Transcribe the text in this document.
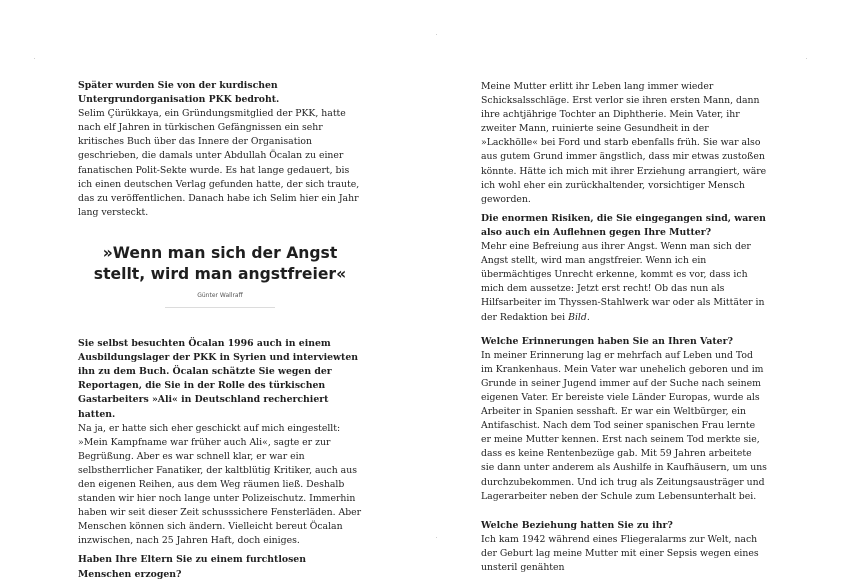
Später wurden Sie von der kurdischen Untergrundorganisation PKK bedroht.

Selim Çürükkaya, ein Gründungsmitglied der PKK, hatte nach elf Jahren in türkischen Gefängnissen ein sehr kritisches Buch über das Innere der Organisation geschrieben, die damals unter Abdullah Öcalan zu einer fanatischen Polit-Sekte wurde. Es hat lange gedauert, bis ich einen deutschen Verlag gefunden hatte, der sich traute, das zu veröffentlichen. Danach habe ich Selim hier ein Jahr lang versteckt.

»Wenn man sich der Angst stellt, wird man angstfreier«

Günter Wallraff

Sie selbst besuchten Öcalan 1996 auch in einem Ausbildungslager der PKK in Syrien und interviewten ihn zu dem Buch. Öcalan schätzte Sie wegen der Reportagen, die Sie in der Rolle des türkischen Gastarbeiters »Ali« in Deutschland recherchiert hatten.

Na ja, er hatte sich eher geschickt auf mich eingestellt: »Mein Kampfname war früher auch Ali«, sagte er zur Begrüßung. Aber es war schnell klar, er war ein selbstherrlicher Fanatiker, der kaltblütig Kritiker, auch aus den eigenen Reihen, aus dem Weg räumen ließ. Deshalb standen wir hier noch lange unter Polizeischutz. Immerhin haben wir seit dieser Zeit schusssichere Fensterläden. Aber Menschen können sich ändern. Vielleicht bereut Öcalan inzwischen, nach 25 Jahren Haft, doch einiges.

Haben Ihre Eltern Sie zu einem furchtlosen Menschen erzogen?

Meine Mutter erlitt ihr Leben lang immer wieder Schicksalsschläge. Erst verlor sie ihren ersten Mann, dann ihre achtjährige Tochter an Diphtherie. Mein Vater, ihr zweiter Mann, ruinierte seine Gesundheit in der »Lackhölle« bei Ford und starb ebenfalls früh. Sie war also aus gutem Grund immer ängstlich, dass mir etwas zustoßen könnte. Hätte ich mich mit ihrer Erziehung arrangiert, wäre ich wohl eher ein zurückhaltender, vorsichtiger Mensch geworden.

Die enormen Risiken, die Sie eingegangen sind, waren also auch ein Auflehnen gegen Ihre Mutter?

Mehr eine Befreiung aus ihrer Angst. Wenn man sich der Angst stellt, wird man angstfreier. Wenn ich ein übermächtiges Unrecht erkenne, kommt es vor, dass ich mich dem aussetze: Jetzt erst recht! Ob das nun als Hilfsarbeiter im Thyssen-Stahlwerk war oder als Mittäter in der Redaktion bei Bild.

Welche Erinnerungen haben Sie an Ihren Vater?

In meiner Erinnerung lag er mehrfach auf Leben und Tod im Krankenhaus. Mein Vater war unehelich geboren und im Grunde in seiner Jugend immer auf der Suche nach seinem eigenen Vater. Er bereiste viele Länder Europas, wurde als Arbeiter in Spanien sesshaft. Er war ein Weltbürger, ein Antifaschist. Nach dem Tod seiner spanischen Frau lernte er meine Mutter kennen. Erst nach seinem Tod merkte sie, dass es keine Rentenbezüge gab. Mit 59 Jahren arbeitete sie dann unter anderem als Aushilfe in Kaufhäusern, um uns durchzubekommen. Und ich trug als Zeitungsausträger und Lagerarbeiter neben der Schule zum Lebensunterhalt bei.

Welche Beziehung hatten Sie zu ihr?

Ich kam 1942 während eines Fliegeralarms zur Welt, nach der Geburt lag meine Mutter mit einer Sepsis wegen eines unsteril genähten
